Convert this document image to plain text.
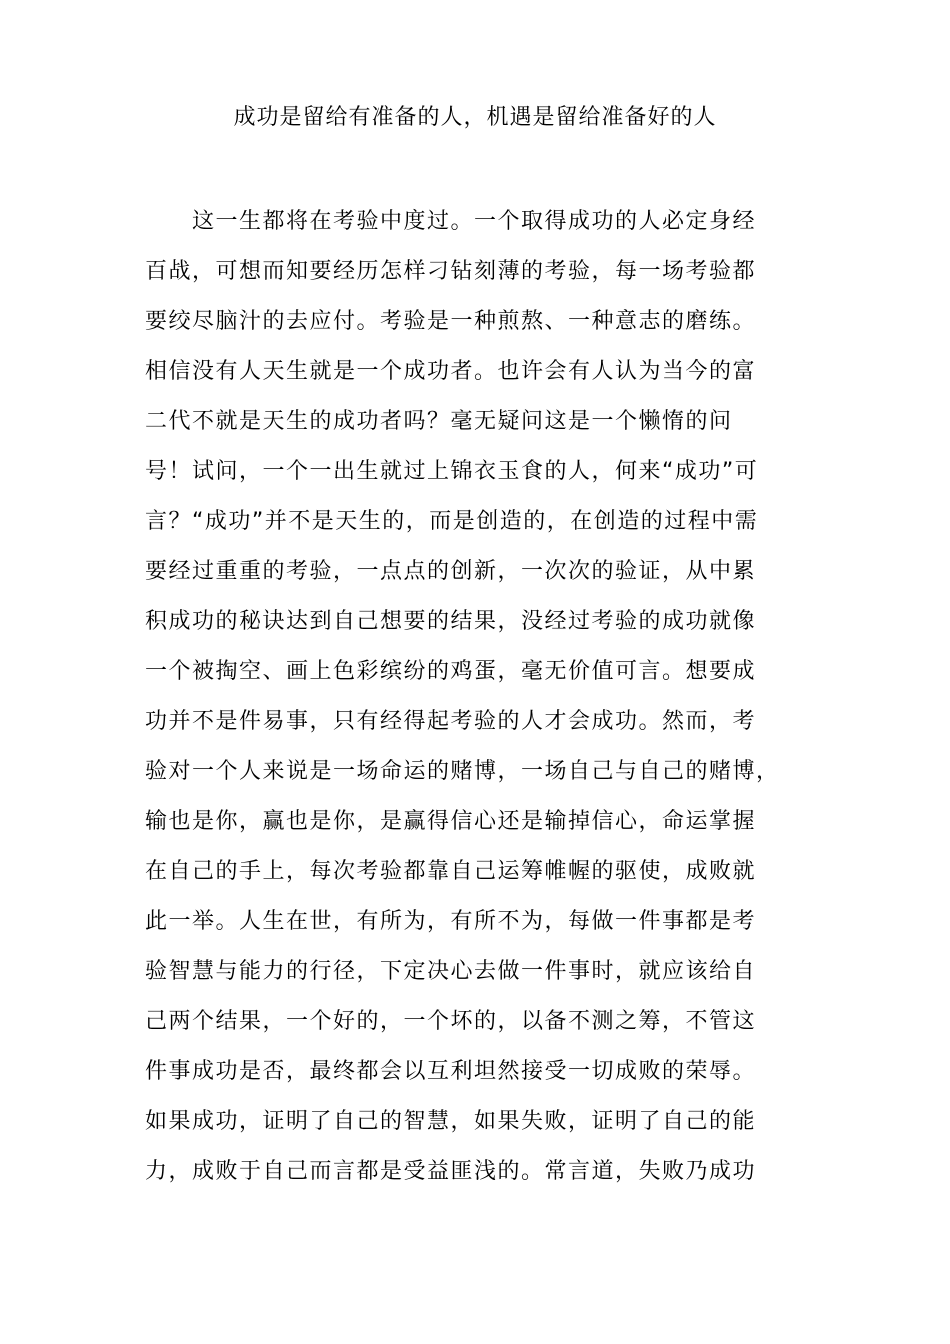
成功是留给有准备的人，机遇是留给准备好的人
　　这一生都将在考验中度过。一个取得成功的人必定身经
百战，可想而知要经历怎样刁钻刻薄的考验，每一场考验都
要绞尽脑汁的去应付。考验是一种煎熬、一种意志的磨练。
相信没有人天生就是一个成功者。也许会有人认为当今的富
二代不就是天生的成功者吗？毫无疑问这是一个懒惰的问
号！试问，一个一出生就过上锦衣玉食的人，何来“成功”可
言？“成功”并不是天生的，而是创造的，在创造的过程中需
要经过重重的考验，一点点的创新，一次次的验证，从中累
积成功的秘诀达到自己想要的结果，没经过考验的成功就像
一个被掏空、画上色彩缤纷的鸡蛋，毫无价值可言。想要成
功并不是件易事，只有经得起考验的人才会成功。然而，考
验对一个人来说是一场命运的赌博，一场自己与自己的赌博，
输也是你，赢也是你，是赢得信心还是输掉信心，命运掌握
在自己的手上，每次考验都靠自己运筹帷幄的驱使，成败就
此一举。人生在世，有所为，有所不为，每做一件事都是考
验智慧与能力的行径，下定决心去做一件事时，就应该给自
己两个结果，一个好的，一个坏的，以备不测之筹，不管这
件事成功是否，最终都会以互利坦然接受一切成败的荣辱。
如果成功，证明了自己的智慧，如果失败，证明了自己的能
力，成败于自己而言都是受益匪浅的。常言道，失败乃成功
